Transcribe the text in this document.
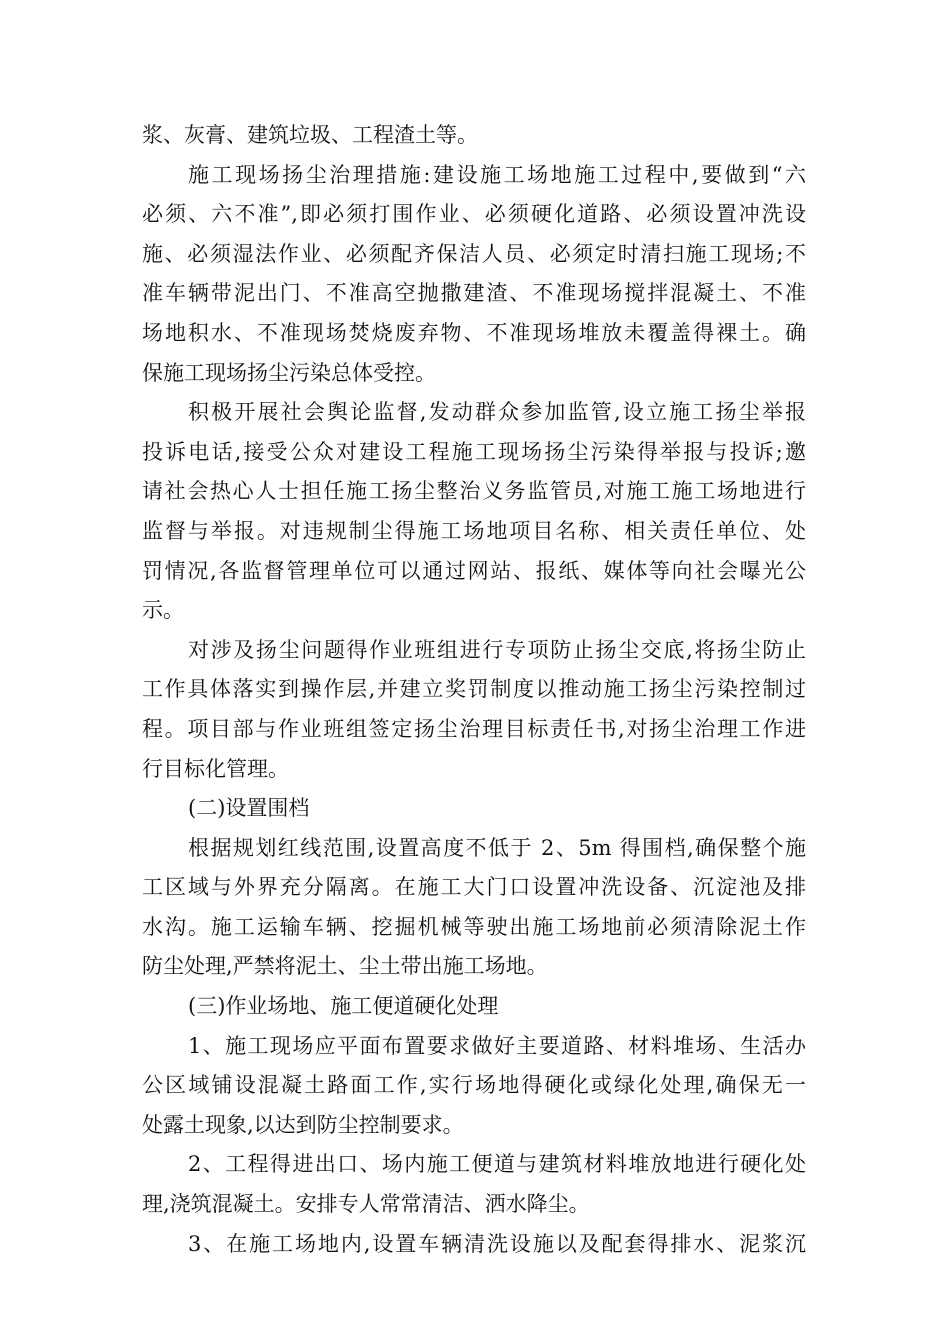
浆、灰膏、建筑垃圾、工程渣土等。
施工现场扬尘治理措施:建设施工场地施工过程中,要做到“六
必须、六不准”,即必须打围作业、必须硬化道路、必须设置冲洗设
施、必须湿法作业、必须配齐保洁人员、必须定时清扫施工现场;不
准车辆带泥出门、不准高空抛撒建渣、不准现场搅拌混凝土、不准
场地积水、不准现场焚烧废弃物、不准现场堆放未覆盖得裸土。确
保施工现场扬尘污染总体受控。
积极开展社会舆论监督,发动群众参加监管,设立施工扬尘举报
投诉电话,接受公众对建设工程施工现场扬尘污染得举报与投诉;邀
请社会热心人士担任施工扬尘整治义务监管员,对施工施工场地进行
监督与举报。对违规制尘得施工场地项目名称、相关责任单位、处
罚情况,各监督管理单位可以通过网站、报纸、媒体等向社会曝光公
示。
对涉及扬尘问题得作业班组进行专项防止扬尘交底,将扬尘防止
工作具体落实到操作层,并建立奖罚制度以推动施工扬尘污染控制过
程。项目部与作业班组签定扬尘治理目标责任书,对扬尘治理工作进
行目标化管理。
(二)设置围档
根据规划红线范围,设置高度不低于 2、5m 得围档,确保整个施
工区域与外界充分隔离。在施工大门口设置冲洗设备、沉淀池及排
水沟。施工运输车辆、挖掘机械等驶出施工场地前必须清除泥土作
防尘处理,严禁将泥土、尘土带出施工场地。
(三)作业场地、施工便道硬化处理
1、施工现场应平面布置要求做好主要道路、材料堆场、生活办
公区域铺设混凝土路面工作,实行场地得硬化或绿化处理,确保无一
处露土现象,以达到防尘控制要求。
2、工程得进出口、场内施工便道与建筑材料堆放地进行硬化处
理,浇筑混凝土。安排专人常常清洁、洒水降尘。
3、在施工场地内,设置车辆清洗设施以及配套得排水、泥浆沉
